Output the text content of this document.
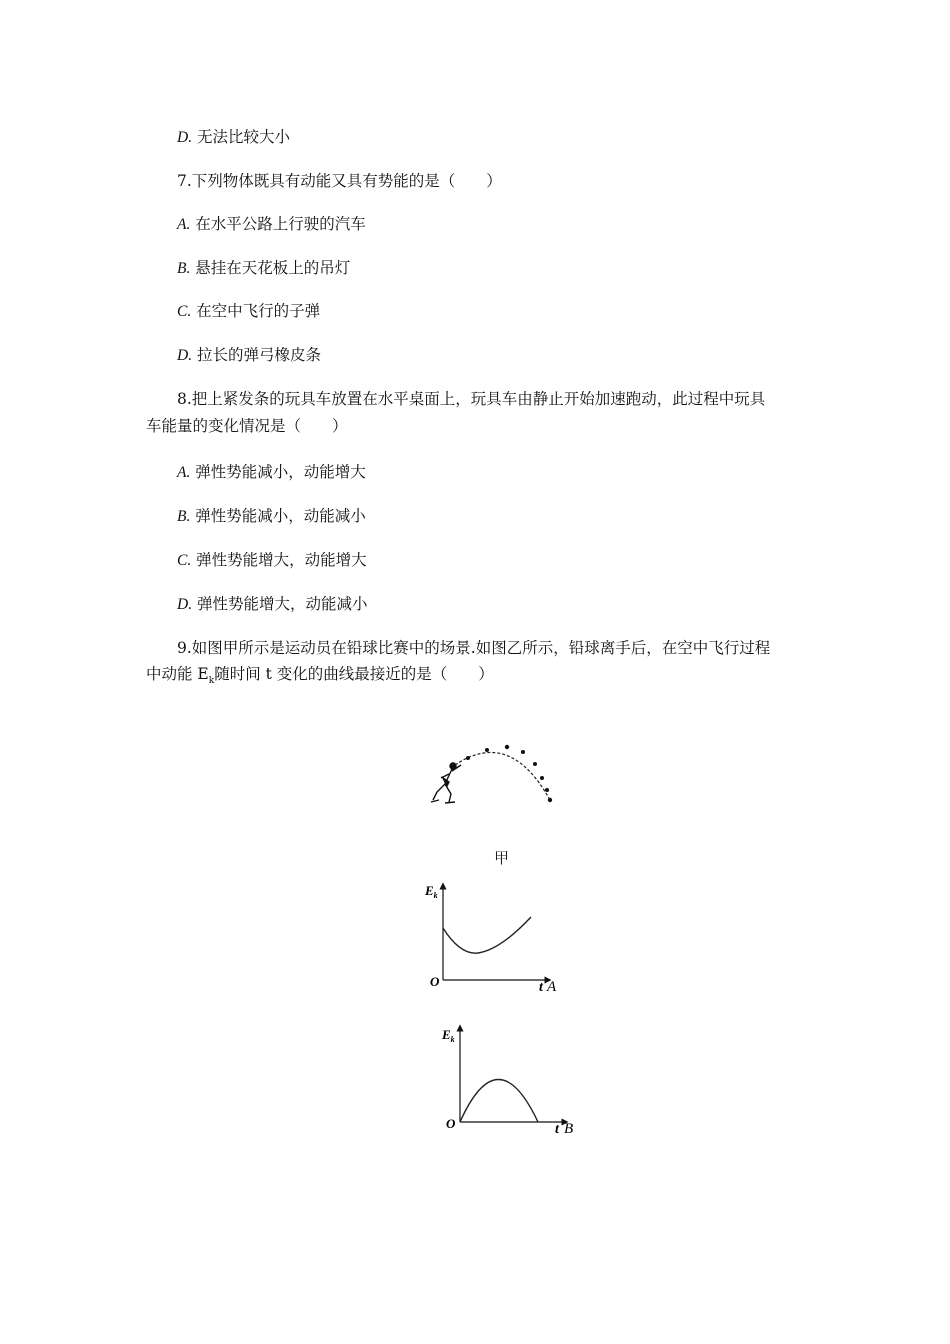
D. 无法比较大小
7.下列物体既具有动能又具有势能的是（　　）
A. 在水平公路上行驶的汽车
B. 悬挂在天花板上的吊灯
C. 在空中飞行的子弹
D. 拉长的弹弓橡皮条
8.把上紧发条的玩具车放置在水平桌面上，玩具车由静止开始加速跑动，此过程中玩具
车能量的变化情况是（　　）
A. 弹性势能减小，动能增大
B. 弹性势能减小，动能减小
C. 弹性势能增大，动能增大
D. 弹性势能增大，动能减小
9.如图甲所示是运动员在铅球比赛中的场景.如图乙所示，铅球离手后，在空中飞行过程
中动能 $E_k$随时间 t 变化的曲线最接近的是（　　）
甲
$E_k$
O	t A
$E_k$
O	t B
